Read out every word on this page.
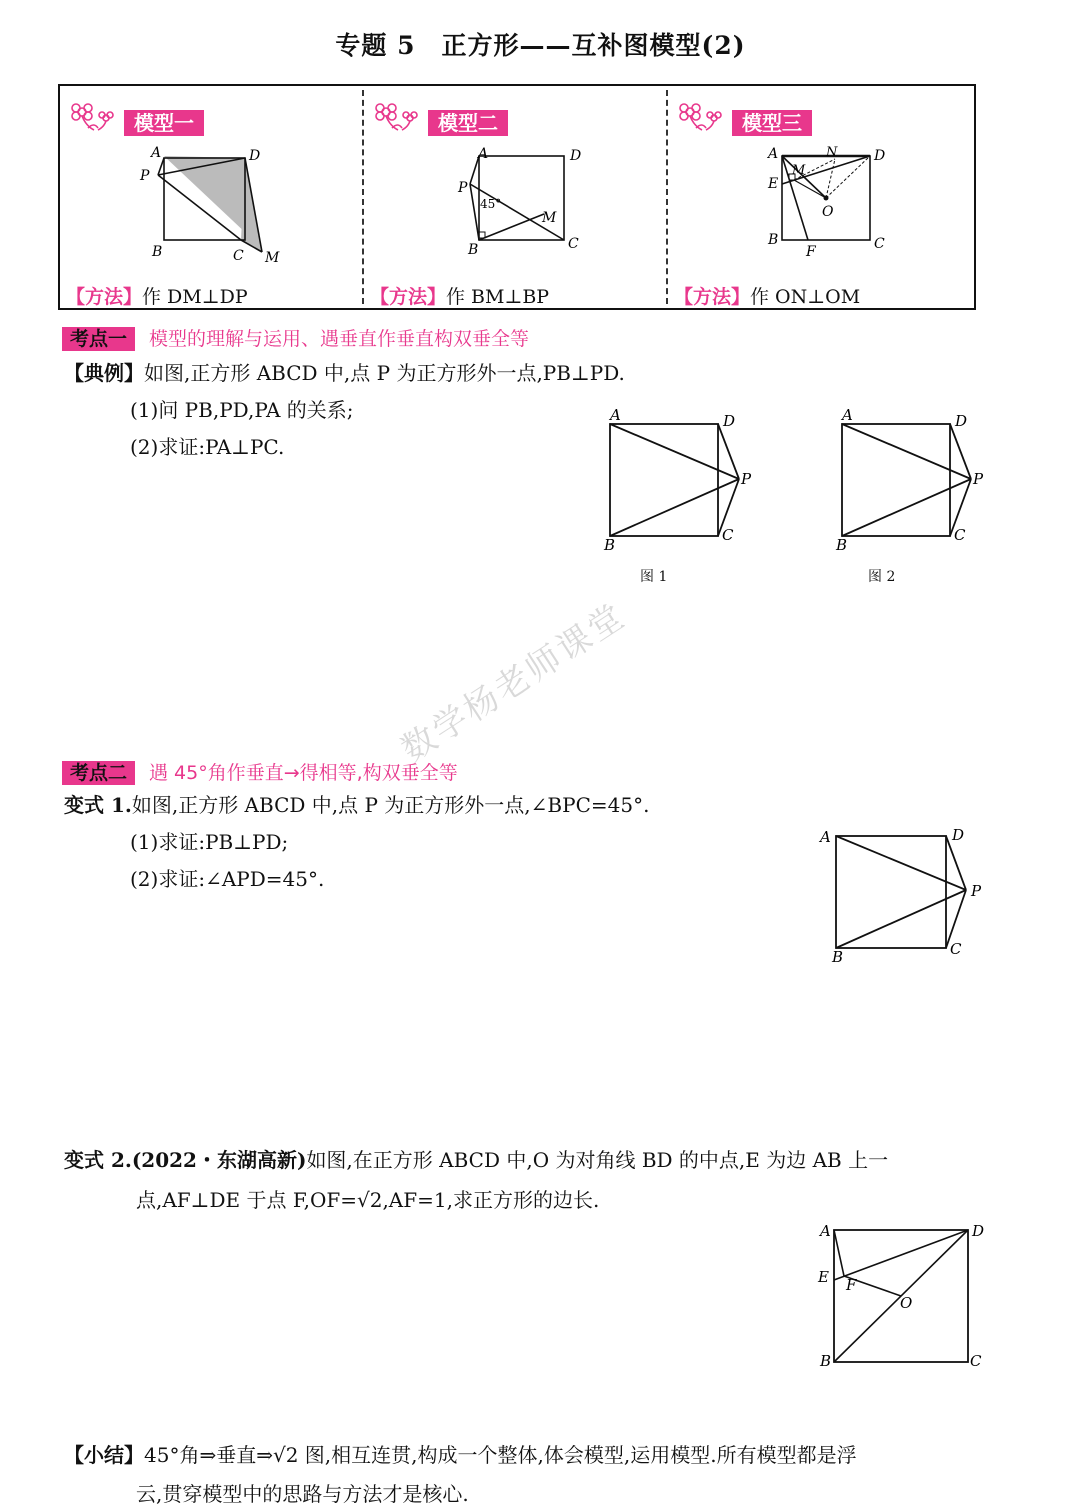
专题 5　正方形——互补图模型(2)
模型一
A	D
P
B	C M
【方法】作 DM⊥DP
模型二
A	D
P
45°
M
B	C
【方法】作 BM⊥BP
模型三
A	D
E
M
N
O
B
F	C
【方法】作 ON⊥OM
考点一 模型的理解与运用、遇垂直作垂直构双垂全等
【典例】如图,正方形 ABCD 中,点 P 为正方形外一点,PB⊥PD.
(1)问 PB,PD,PA 的关系;
(2)求证:PA⊥PC.
A	D
P
B
C
图 1
A	D
P
B
C
图 2
数学杨老师课堂
考点二 遇 45°角作垂直→得相等,构双垂全等
变式 1.如图,正方形 ABCD 中,点 P 为正方形外一点,∠BPC=45°.
(1)求证:PB⊥PD;
(2)求证:∠APD=45°.
A	D
P
B	C
变式 2.(2022・东湖高新)如图,在正方形 ABCD 中,O 为对角线 BD 的中点,E 为边 AB 上一
点,AF⊥DE 于点 F,OF=√2,AF=1,求正方形的边长.
A	D
E F
O
B	C
【小结】45°角⇒垂直⇒√2 图,相互连贯,构成一个整体,体会模型,运用模型.所有模型都是浮
云,贯穿模型中的思路与方法才是核心.
